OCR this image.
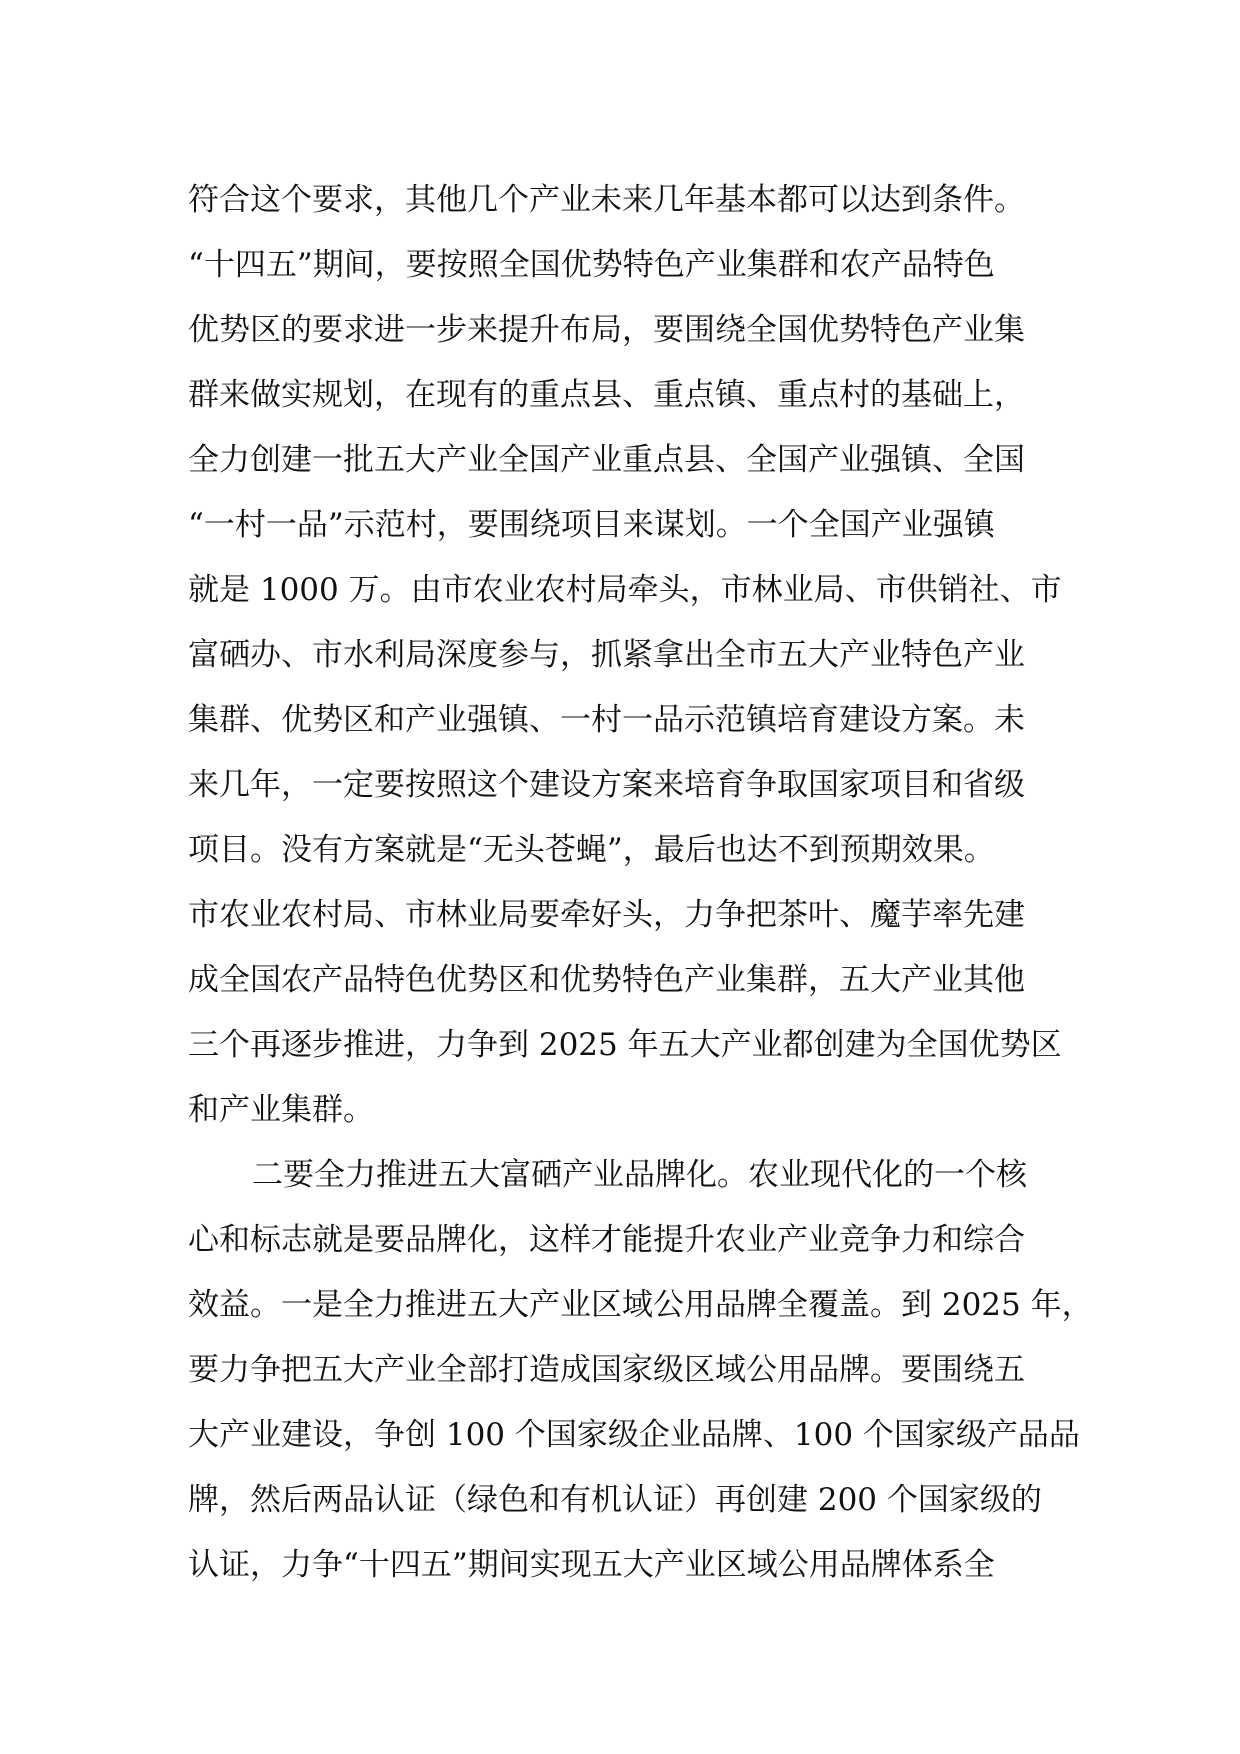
符合这个要求，其他几个产业未来几年基本都可以达到条件。
“十四五”期间，要按照全国优势特色产业集群和农产品特色
优势区的要求进一步来提升布局，要围绕全国优势特色产业集
群来做实规划，在现有的重点县、重点镇、重点村的基础上，
全力创建一批五大产业全国产业重点县、全国产业强镇、全国
“一村一品”示范村，要围绕项目来谋划。一个全国产业强镇
就是 1000 万。由市农业农村局牵头，市林业局、市供销社、市
富硒办、市水利局深度参与，抓紧拿出全市五大产业特色产业
集群、优势区和产业强镇、一村一品示范镇培育建设方案。未
来几年，一定要按照这个建设方案来培育争取国家项目和省级
项目。没有方案就是“无头苍蝇”，最后也达不到预期效果。
市农业农村局、市林业局要牵好头，力争把茶叶、魔芋率先建
成全国农产品特色优势区和优势特色产业集群，五大产业其他
三个再逐步推进，力争到 2025 年五大产业都创建为全国优势区
和产业集群。
二要全力推进五大富硒产业品牌化。农业现代化的一个核
心和标志就是要品牌化，这样才能提升农业产业竞争力和综合
效益。一是全力推进五大产业区域公用品牌全覆盖。到 2025 年，
要力争把五大产业全部打造成国家级区域公用品牌。要围绕五
大产业建设，争创 100 个国家级企业品牌、100 个国家级产品品
牌，然后两品认证（绿色和有机认证）再创建 200 个国家级的
认证，力争“十四五”期间实现五大产业区域公用品牌体系全
